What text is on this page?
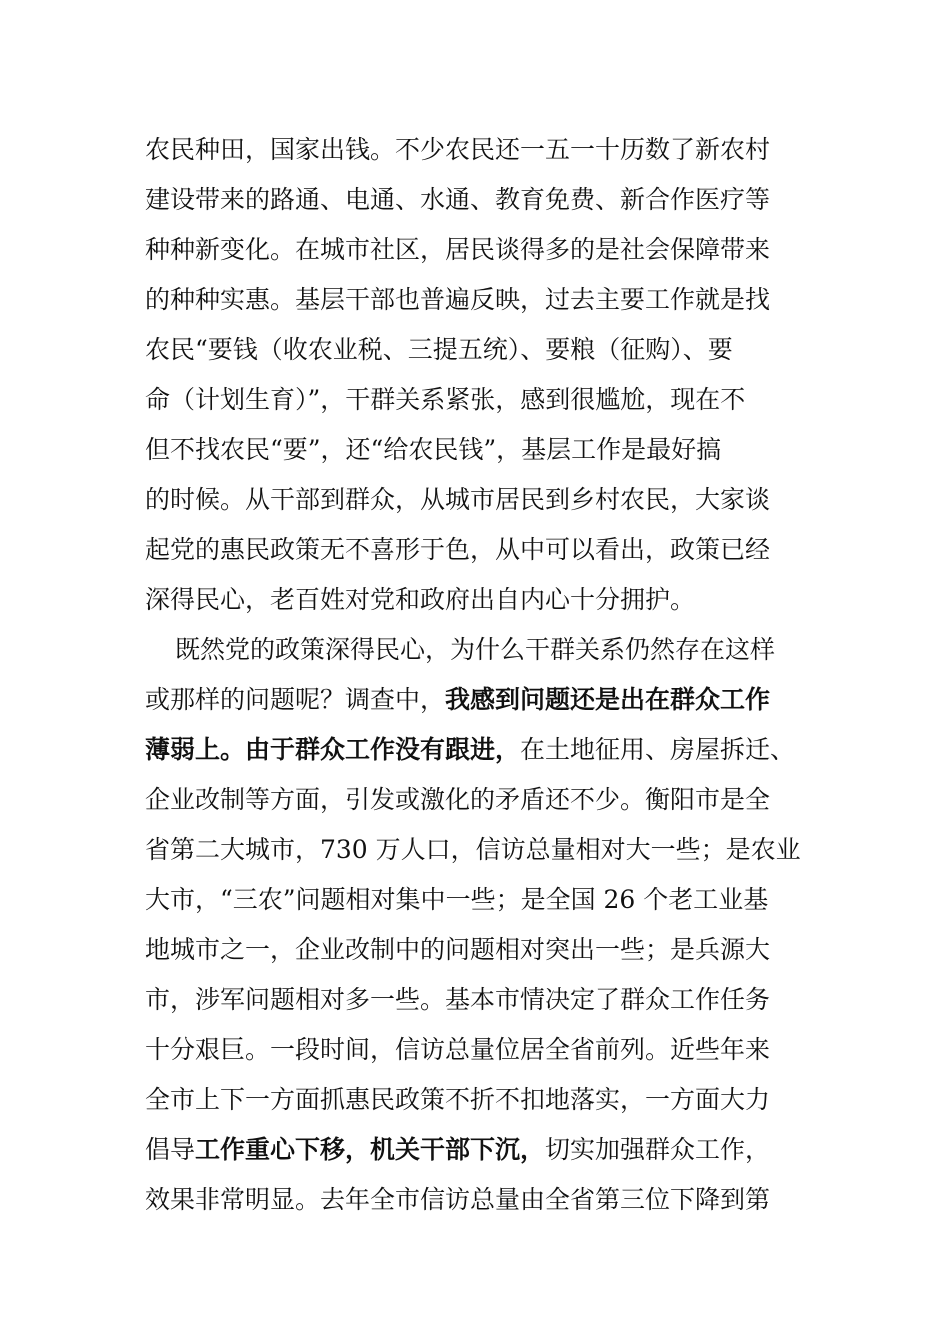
农民种田，国家出钱。不少农民还一五一十历数了新农村
建设带来的路通、电通、水通、教育免费、新合作医疗等
种种新变化。在城市社区，居民谈得多的是社会保障带来
的种种实惠。基层干部也普遍反映，过去主要工作就是找
农民“要钱（收农业税、三提五统）、要粮（征购）、要
命（计划生育）”，干群关系紧张，感到很尴尬，现在不
但不找农民“要”，还“给农民钱”，基层工作是最好搞
的时候。从干部到群众，从城市居民到乡村农民，大家谈
起党的惠民政策无不喜形于色，从中可以看出，政策已经
深得民心，老百姓对党和政府出自内心十分拥护。
既然党的政策深得民心，为什么干群关系仍然存在这样
或那样的问题呢？调查中，我感到问题还是出在群众工作
薄弱上。由于群众工作没有跟进，在土地征用、房屋拆迁、
企业改制等方面，引发或激化的矛盾还不少。衡阳市是全
省第二大城市，730 万人口，信访总量相对大一些；是农业
大市，“三农”问题相对集中一些；是全国 26 个老工业基
地城市之一，企业改制中的问题相对突出一些；是兵源大
市，涉军问题相对多一些。基本市情决定了群众工作任务
十分艰巨。一段时间，信访总量位居全省前列。近些年来
全市上下一方面抓惠民政策不折不扣地落实，一方面大力
倡导工作重心下移，机关干部下沉，切实加强群众工作，
效果非常明显。去年全市信访总量由全省第三位下降到第
